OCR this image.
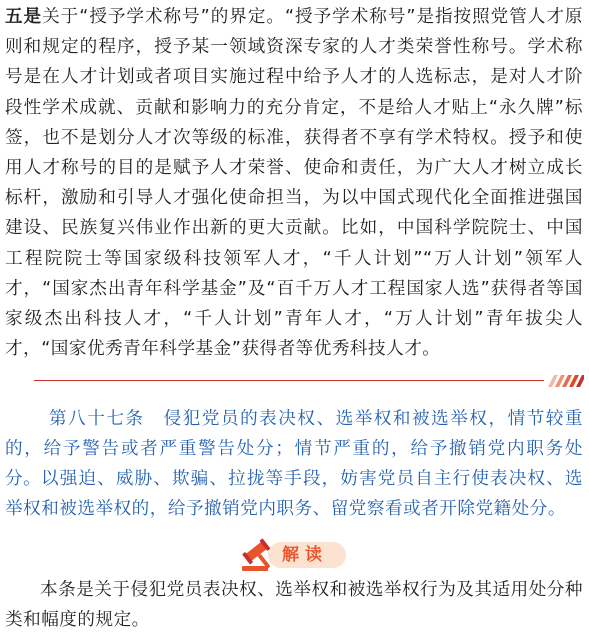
五是关于“授予学术称号”的界定。“授予学术称号”是指按照党管人才原则和规定的程序，授予某一领域资深专家的人才类荣誉性称号。学术称号是在人才计划或者项目实施过程中给予人才的人选标志，是对人才阶段性学术成就、贡献和影响力的充分肯定，不是给人才贴上“永久牌”标签，也不是划分人才次等级的标准，获得者不享有学术特权。授予和使用人才称号的目的是赋予人才荣誉、使命和责任，为广大人才树立成长标杆，激励和引导人才强化使命担当，为以中国式现代化全面推进强国建设、民族复兴伟业作出新的更大贡献。比如，中国科学院院士、中国工程院院士等国家级科技领军人才，“千人计划”“万人计划”领军人才，“国家杰出青年科学基金”及“百千万人才工程国家人选”获得者等国家级杰出科技人才，“千人计划”青年人才，“万人计划”青年拔尖人才，“国家优秀青年科学基金”获得者等优秀科技人才。
第八十七条　侵犯党员的表决权、选举权和被选举权，情节较重的，给予警告或者严重警告处分；情节严重的，给予撤销党内职务处分。 以强迫、威胁、欺骗、拉拢等手段，妨害党员自主行使表决权、选举权和被选举权的，给予撤销党内职务、留党察看或者开除党籍处分。
解读
本条是关于侵犯党员表决权、选举权和被选举权行为及其适用处分种类和幅度的规定。
